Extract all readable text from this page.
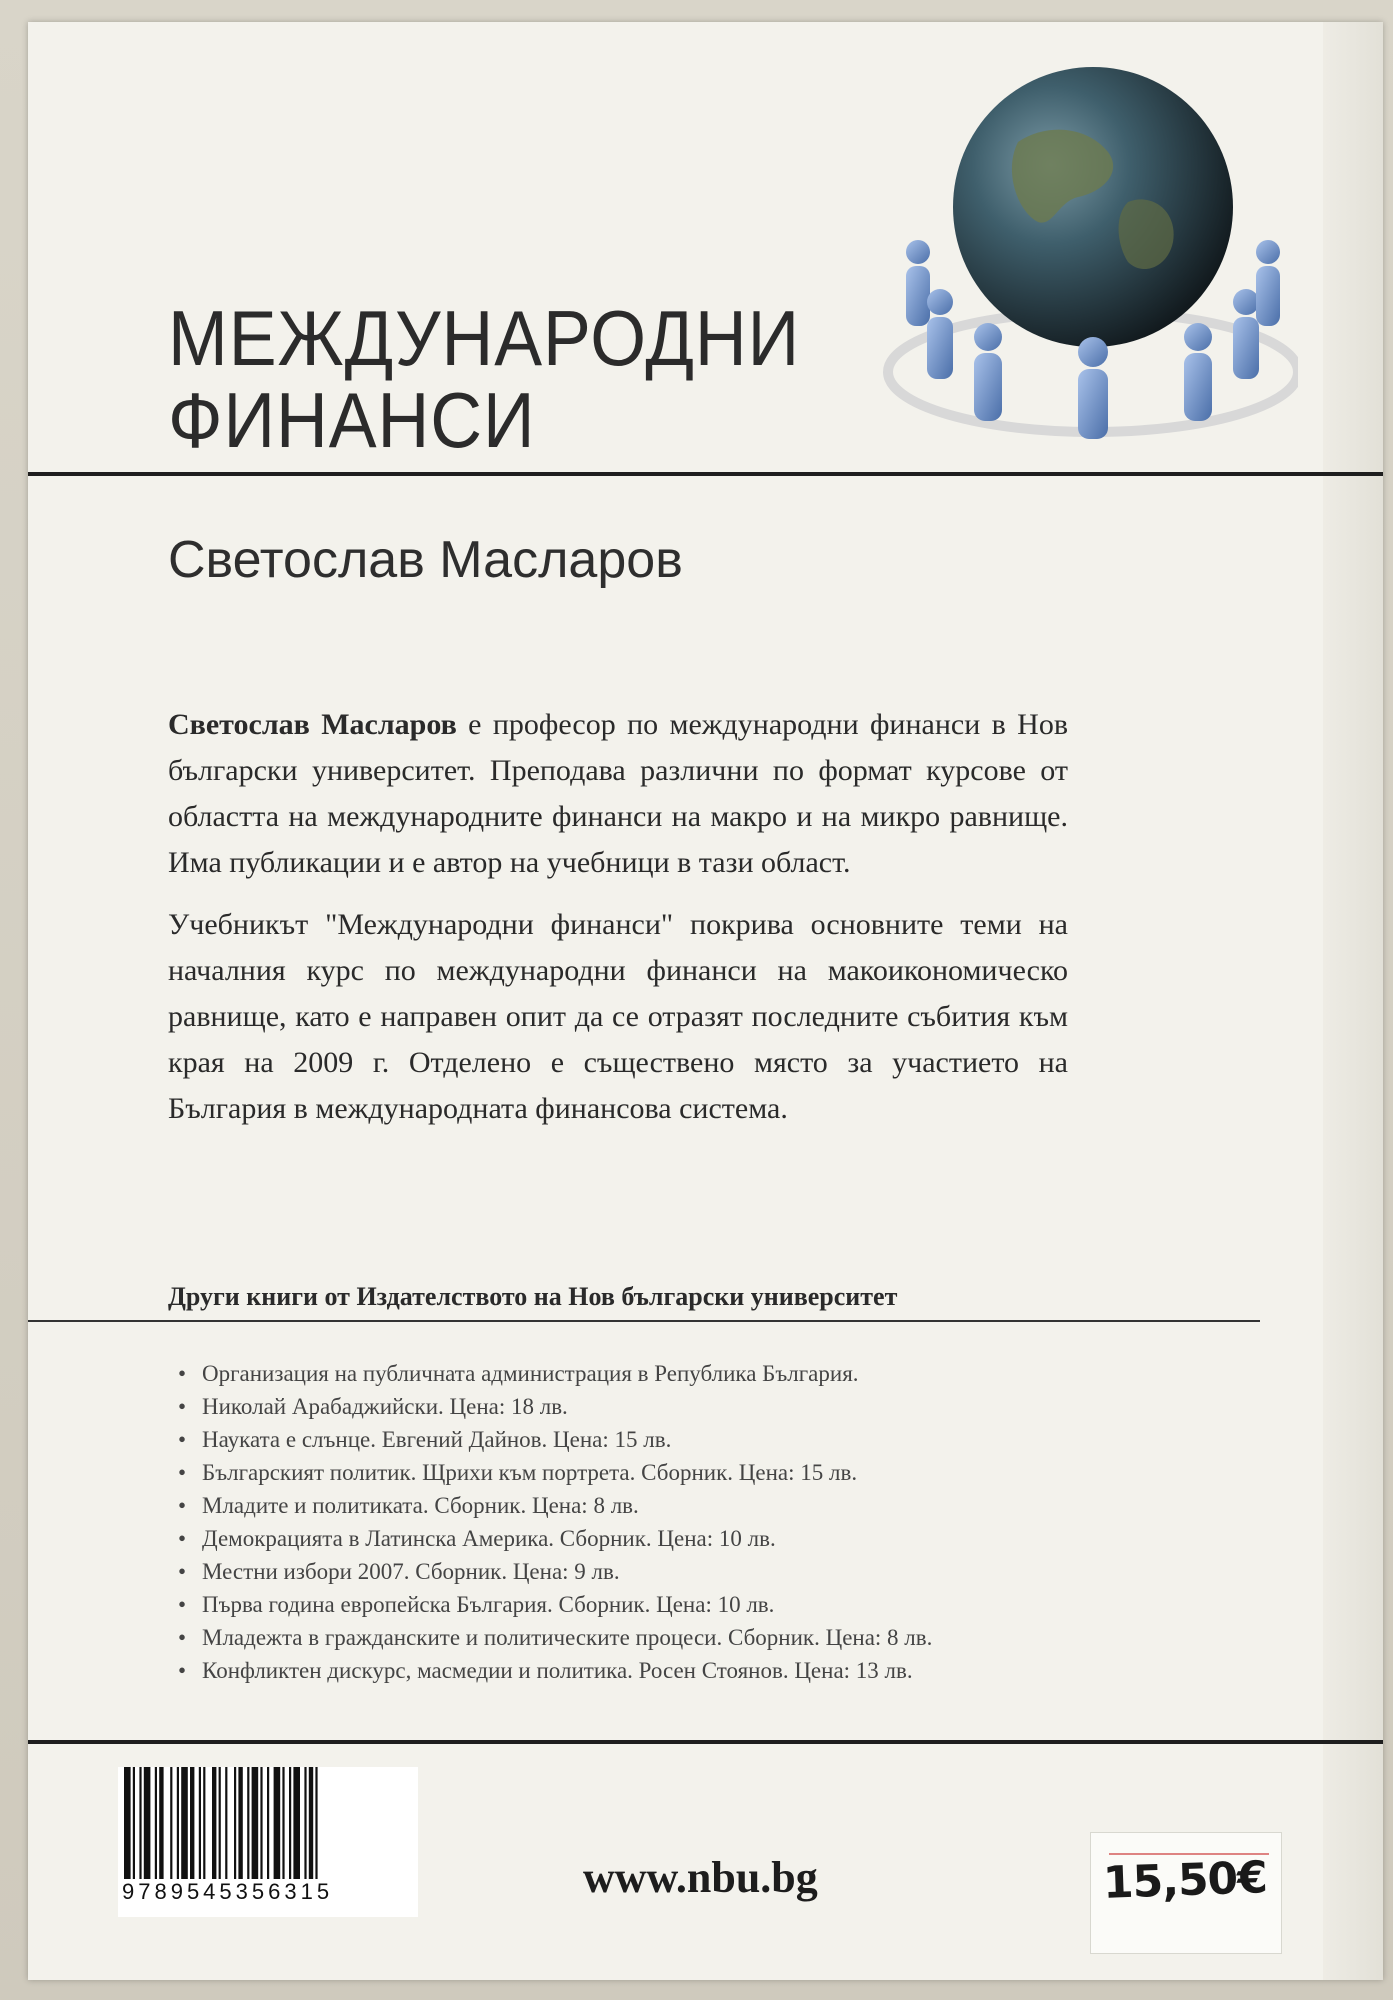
МЕЖДУНАРОДНИ
ФИНАНСИ
Светослав Масларов
Светослав Масларов е професор по международни финанси в Нов български университет. Преподава различни по формат курсове от областта на международните финанси на макро и на микро равнище. Има публикации и е автор на учебници в тази област.
Учебникът "Международни финанси" покрива основните теми на началния курс по международни финанси на макоикономическо равнище, като е направен опит да се отразят последните събития към края на 2009 г. Отделено е съществено място за участието на България в международната финансова система.
Други книги от Издателството на Нов български университет
• Организация на публичната администрация в Република България.
• Николай Арабаджийски. Цена: 18 лв.
• Науката е слънце. Евгений Дайнов. Цена: 15 лв.
• Българският политик. Щрихи към портрета. Сборник. Цена: 15 лв.
• Младите и политиката. Сборник. Цена: 8 лв.
• Демокрацията в Латинска Америка. Сборник. Цена: 10 лв.
• Местни избори 2007. Сборник. Цена: 9 лв.
• Първа година европейска България. Сборник. Цена: 10 лв.
• Младежта в гражданските и политическите процеси. Сборник. Цена: 8 лв.
• Конфликтен дискурс, масмедии и политика. Росен Стоянов. Цена: 13 лв.
9789545356315	www.nbu.bg	15,50€
